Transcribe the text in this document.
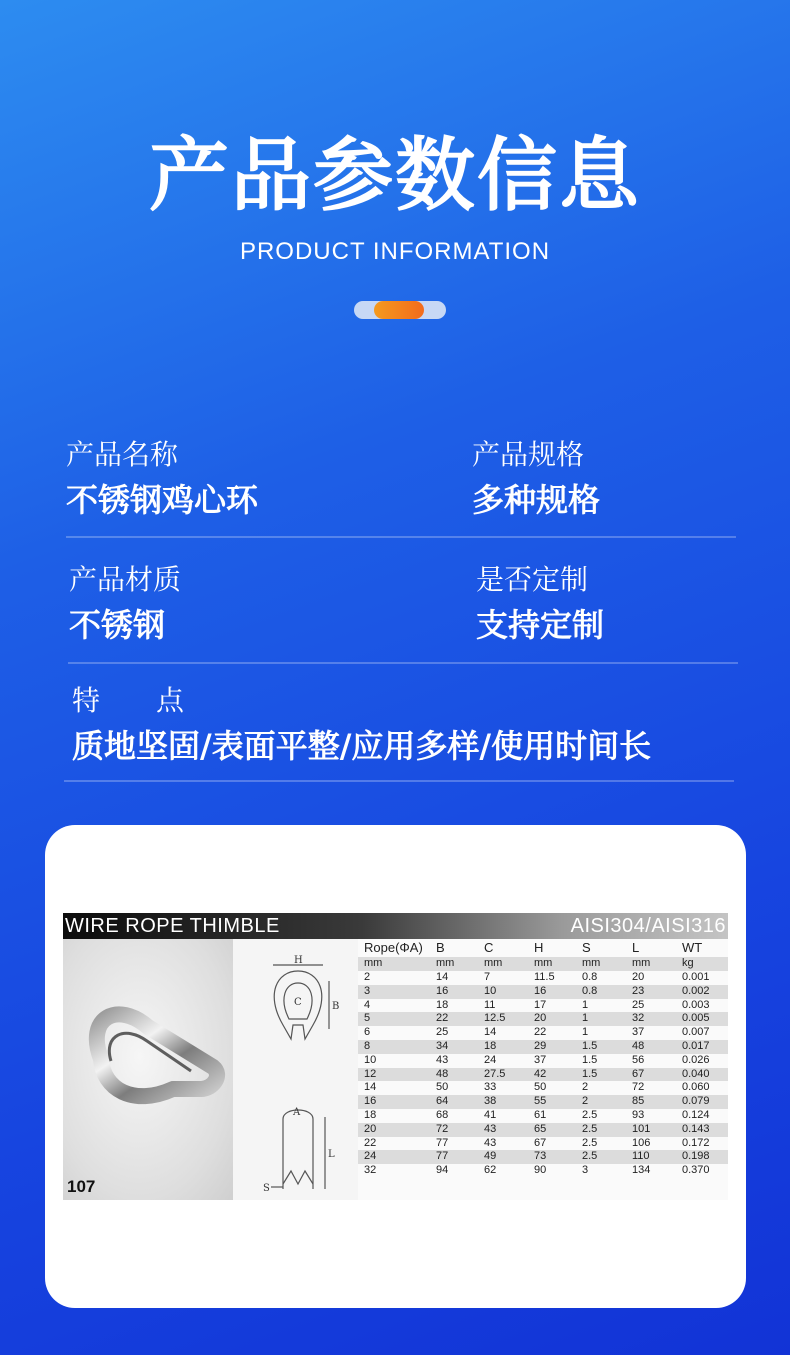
产品参数信息
PRODUCT INFORMATION
产品名称
不锈钢鸡心环
产品规格
多种规格
产品材质
不锈钢
是否定制
支持定制
特　　点
质地坚固/表面平整/应用多样/使用时间长
WIRE ROPE THIMBLE	AISI304/AISI316
107
H
C	B
A
L
S
Rope(ΦA) B	C	H	S	L	WT
mm	mm	mm	mm	mm	mm	kg
2	14	7	11.5 0.8	20	0.001
3	16	10	16	0.8	23	0.002
4	18	11	17	1	25	0.003
5	22	12.5	20	1	32	0.005
6	25	14	22	1	37	0.007
8	34	18	29	1.5	48	0.017
10	43	24	37	1.5	56	0.026
12	48	27.5	42	1.5	67	0.040
14	50	33	50	2	72	0.060
16	64	38	55	2	85	0.079
18	68	41	61	2.5	93	0.124
20	72	43	65	2.5	101	0.143
22	77	43	67	2.5	106	0.172
24	77	49	73	2.5	110	0.198
32	94	62	90	3	134	0.370
